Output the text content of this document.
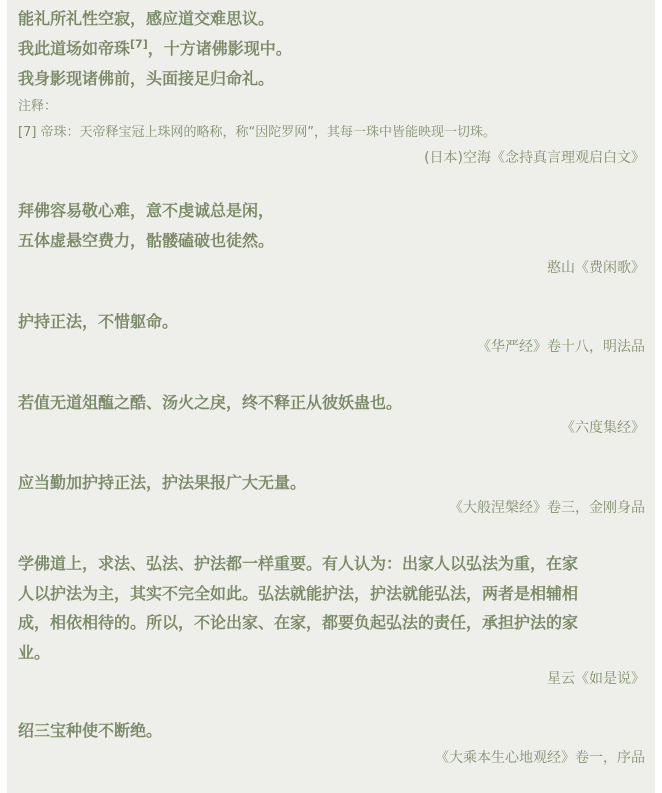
能礼所礼性空寂，感应道交难思议。
我此道场如帝珠[7]，十方诸佛影现中。
我身影现诸佛前，头面接足归命礼。
注释：
[7] 帝珠：天帝释宝冠上珠网的略称，称“因陀罗网”，其每一珠中皆能映现一切珠。
(日本)空海《念持真言理观启白文》
拜佛容易敬心难，意不虔诚总是闲，
五体虚悬空费力，骷髅磕破也徒然。
憨山《费闲歌》
护持正法，不惜躯命。
《华严经》卷十八，明法品
若值无道俎醢之酷、汤火之戾，终不释正从彼妖蛊也。
《六度集经》
应当勤加护持正法，护法果报广大无量。
《大般涅槃经》卷三，金刚身品
学佛道上，求法、弘法、护法都一样重要。有人认为：出家人以弘法为重，在家
人以护法为主，其实不完全如此。弘法就能护法，护法就能弘法，两者是相辅相
成，相依相待的。所以，不论出家、在家，都要负起弘法的责任，承担护法的家
业。
星云《如是说》
绍三宝种使不断绝。
《大乘本生心地观经》卷一，序品
